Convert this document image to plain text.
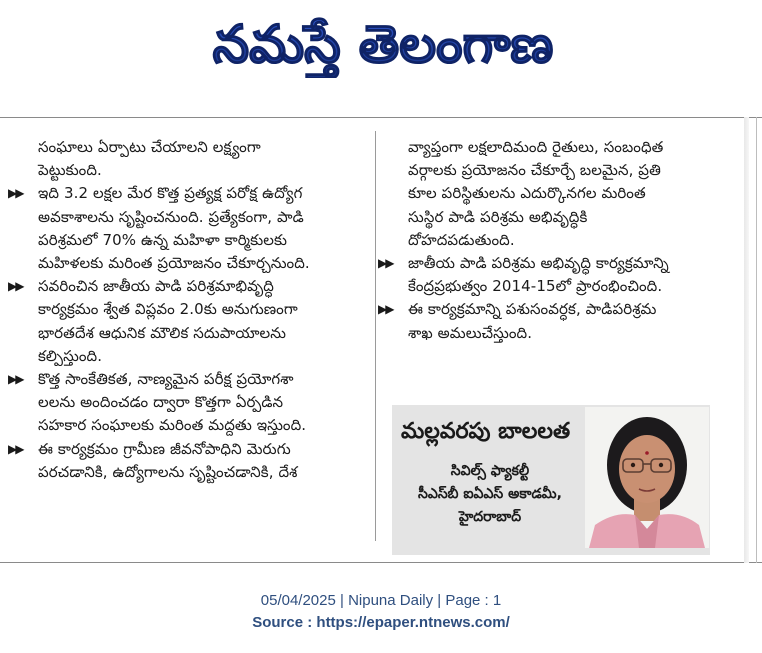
నమస్తే తెలంగాణ

సంఘాలు ఏర్పాటు చేయాలని లక్ష్యంగా
పెట్టుకుంది.

▶▶ ఇది 3.2 లక్షల మేర కొత్త ప్రత్యక్ష పరోక్ష ఉద్యోగ
అవకాశాలను సృష్టించనుంది. ప్రత్యేకంగా, పాడి
పరిశ్రమలో 70% ఉన్న మహిళా కార్మికులకు
మహిళలకు మరింత ప్రయోజనం చేకూర్చనుంది.
▶▶ సవరించిన జాతీయ పాడి పరిశ్రమాభివృద్ధి
కార్యక్రమం శ్వేత విప్లవం 2.0కు అనుగుణంగా
భారతదేశ ఆధునిక మౌలిక సదుపాయాలను
కల్పిస్తుంది.
▶▶ కొత్త సాంకేతికత, నాణ్యమైన పరీక్ష ప్రయోగశా
లలను అందించడం ద్వారా కొత్తగా ఏర్పడిన
సహకార సంఘాలకు మరింత మద్దతు ఇస్తుంది.
▶▶ ఈ కార్యక్రమం గ్రామీణ జీవనోపాధిని మెరుగు
పరచడానికి, ఉద్యోగాలను సృష్టించడానికి, దేశ

వ్యాప్తంగా లక్షలాదిమంది రైతులు, సంబంధిత
వర్గాలకు ప్రయోజనం చేకూర్చే బలమైన, ప్రతి
కూల పరిస్థితులను ఎదుర్కొనగల మరింత
సుస్థిర పాడి పరిశ్రమ అభివృద్ధికి
దోహదపడుతుంది.

▶▶ జాతీయ పాడి పరిశ్రమ అభివృద్ధి కార్యక్రమాన్ని
కేంద్రప్రభుత్వం 2014-15లో ప్రారంభించింది.
▶▶ ఈ కార్యక్రమాన్ని పశుసంవర్ధక, పాడిపరిశ్రమ
శాఖ అమలుచేస్తుంది.
మల్లవరపు బాలలత
సివిల్స్ ఫ్యాకల్టీ
సీఎస్‌బీ ఐఏఎస్ అకాడమీ,
హైదరాబాద్
05/04/2025 | Nipuna Daily | Page : 1
Source : https://epaper.ntnews.com/
